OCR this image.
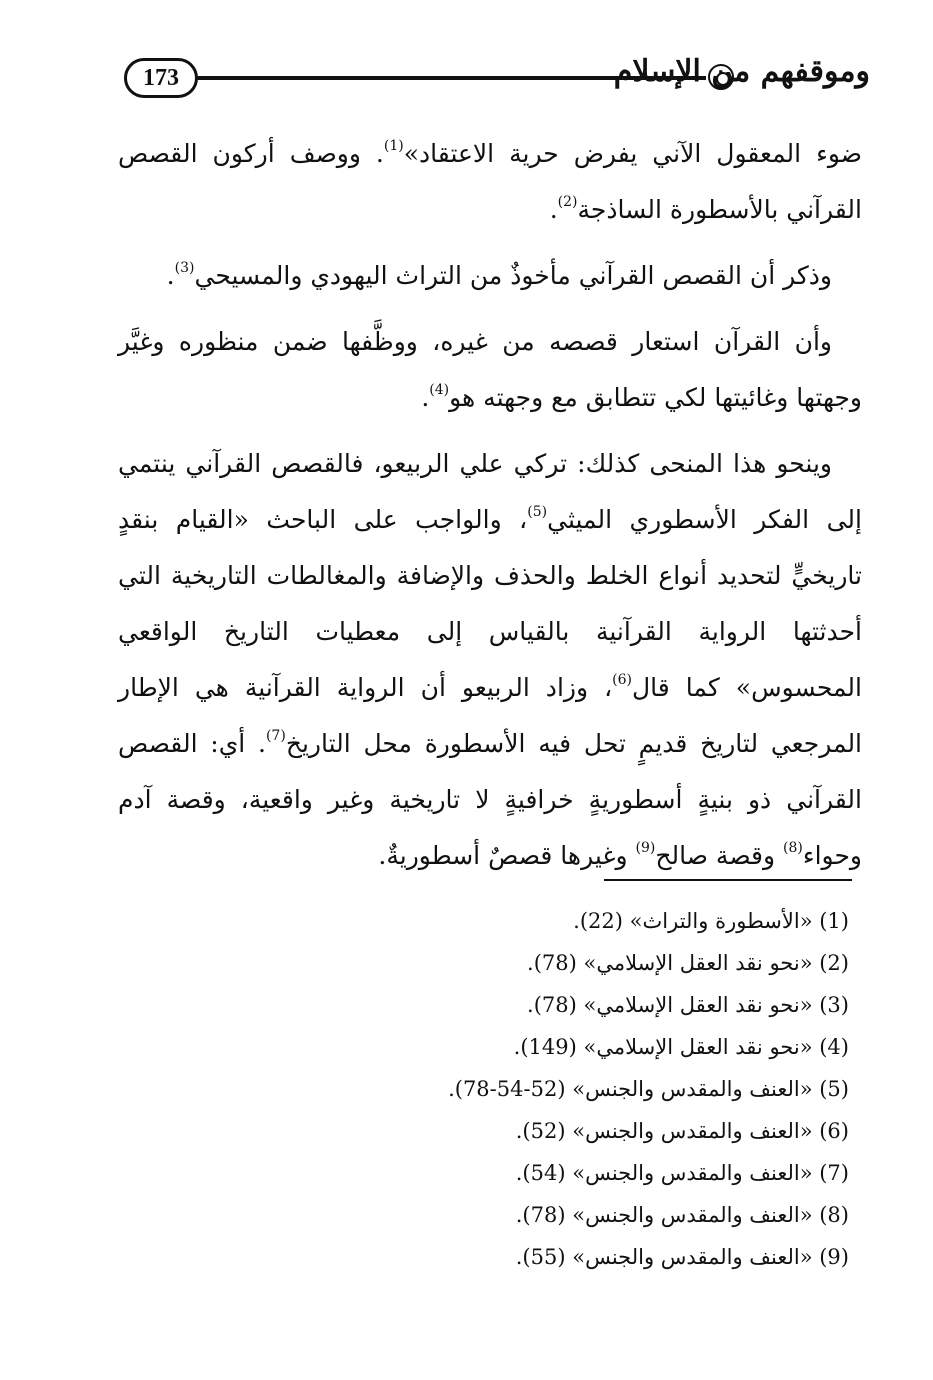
173	وموقفهم من الإسلام

ضوء المعقول الآني يفرض حرية الاعتقاد»$^{(1)}$. ووصف أركون القصص القرآني بالأسطورة الساذجة$^{(2)}$.

وذكر أن القصص القرآني مأخوذٌ من التراث اليهودي والمسيحي$^{(3)}$.

وأن القرآن استعار قصصه من غيره، ووظَّفها ضمن منظوره وغيَّر وجهتها وغائيتها لكي تتطابق مع وجهته هو$^{(4)}$.

وينحو هذا المنحى كذلك: تركي علي الربيعو، فالقصص القرآني ينتمي إلى الفكر الأسطوري الميثي$^{(5)}$، والواجب على الباحث «القيام بنقدٍ تاريخيٍّ لتحديد أنواع الخلط والحذف والإضافة والمغالطات التاريخية التي أحدثتها الرواية القرآنية بالقياس إلى معطيات التاريخ الواقعي المحسوس» كما قال$^{(6)}$، وزاد الربيعو أن الرواية القرآنية هي الإطار المرجعي لتاريخ قديمٍ تحل فيه الأسطورة محل التاريخ$^{(7)}$. أي: القصص القرآني ذو بنيةٍ أسطوريةٍ خرافيةٍ لا تاريخية وغير واقعية، وقصة آدم وحواء$^{(8)}$ وقصة صالح$^{(9)}$ وغيرها قصصٌ أسطوريةٌ.

(1) «الأسطورة والتراث» (22).

(2) «نحو نقد العقل الإسلامي» (78).

(3) «نحو نقد العقل الإسلامي» (78).

(4) «نحو نقد العقل الإسلامي» (149).

(5) «العنف والمقدس والجنس» (52-54-78).

(6) «العنف والمقدس والجنس» (52).

(7) «العنف والمقدس والجنس» (54).

(8) «العنف والمقدس والجنس» (78).

(9) «العنف والمقدس والجنس» (55).
